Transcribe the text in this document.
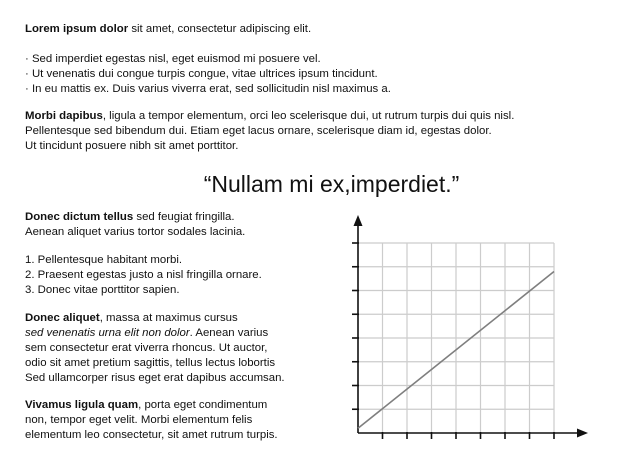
Lorem ipsum dolor sit amet, consectetur adipiscing elit.

· Sed imperdiet egestas nisl, eget euismod mi posuere vel.
· Ut venenatis dui congue turpis congue, vitae ultrices ipsum tincidunt.
· In eu mattis ex. Duis varius viverra erat, sed sollicitudin nisl maximus a.

Morbi dapibus, ligula a tempor elementum, orci leo scelerisque dui, ut rutrum turpis dui quis nisl.
Pellentesque sed bibendum dui. Etiam eget lacus ornare, scelerisque diam id, egestas dolor.
Ut tincidunt posuere nibh sit amet porttitor.

“Nullam mi ex,imperdiet.”

Donec dictum tellus sed feugiat fringilla.
Aenean aliquet varius tortor sodales lacinia.

1. Pellentesque habitant morbi.
2. Praesent egestas justo a nisl fringilla ornare.
3. Donec vitae porttitor sapien.

Donec aliquet, massa at maximus cursus
sed venenatis urna elit non dolor. Aenean varius
sem consectetur erat viverra rhoncus. Ut auctor,
odio sit amet pretium sagittis, tellus lectus lobortis
Sed ullamcorper risus eget erat dapibus accumsan.

Vivamus ligula quam, porta eget condimentum
non, tempor eget velit. Morbi elementum felis
elementum leo consectetur, sit amet rutrum turpis.
